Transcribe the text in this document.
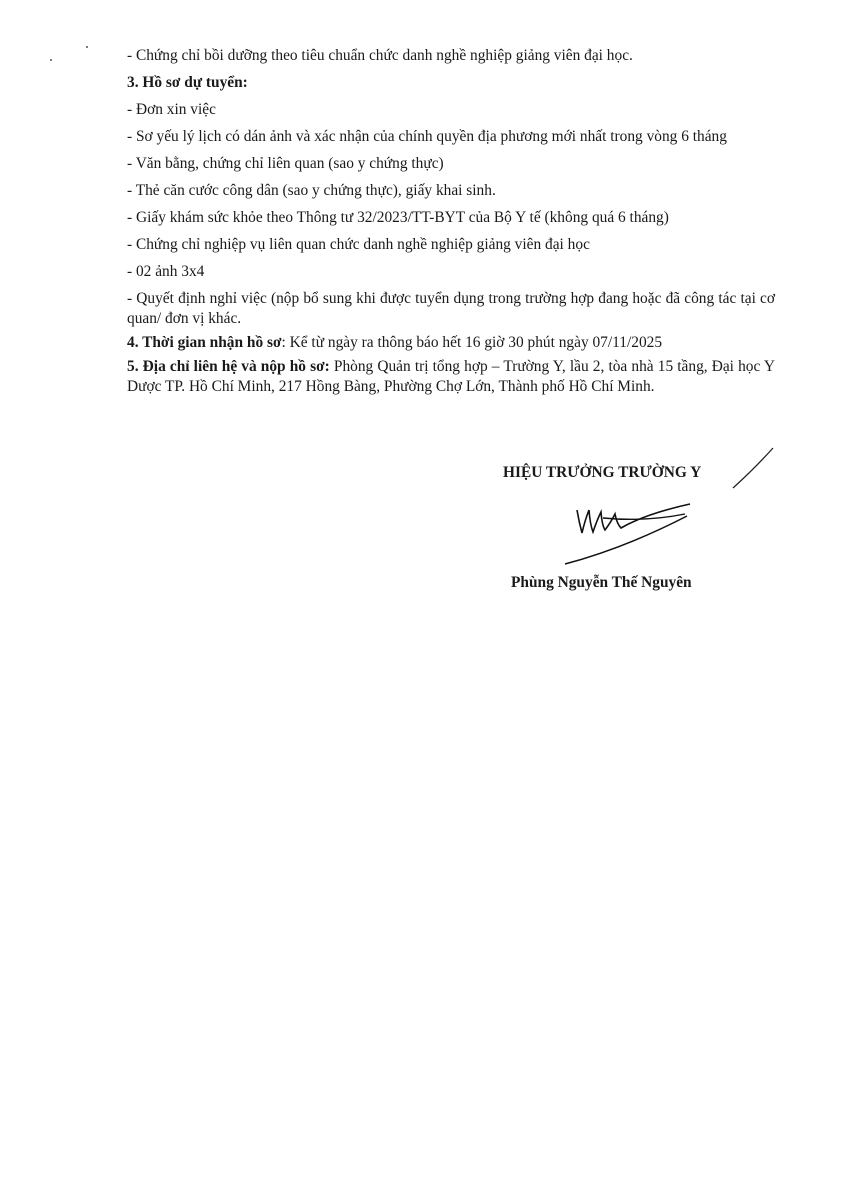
- Chứng chỉ bồi dưỡng theo tiêu chuẩn chức danh nghề nghiệp giảng viên đại học.

3. Hồ sơ dự tuyển:

- Đơn xin việc

- Sơ yếu lý lịch có dán ảnh và xác nhận của chính quyền địa phương mới nhất trong vòng 6 tháng

- Văn bằng, chứng chỉ liên quan (sao y chứng thực)

- Thẻ căn cước công dân (sao y chứng thực), giấy khai sinh.

- Giấy khám sức khỏe theo Thông tư 32/2023/TT-BYT của Bộ Y tế (không quá 6 tháng)

- Chứng chỉ nghiệp vụ liên quan chức danh nghề nghiệp giảng viên đại học

- 02 ảnh 3x4

- Quyết định nghỉ việc (nộp bổ sung khi được tuyển dụng trong trường hợp đang hoặc đã công tác tại cơ quan/ đơn vị khác.

4. Thời gian nhận hồ sơ: Kể từ ngày ra thông báo hết 16 giờ 30 phút ngày 07/11/2025

5. Địa chỉ liên hệ và nộp hồ sơ: Phòng Quản trị tổng hợp – Trường Y, lầu 2, tòa nhà 15 tầng, Đại học Y Dược TP. Hồ Chí Minh, 217 Hồng Bàng, Phường Chợ Lớn, Thành phố Hồ Chí Minh.

HIỆU TRƯỞNG TRƯỜNG Y
Phùng Nguyễn Thế Nguyên
